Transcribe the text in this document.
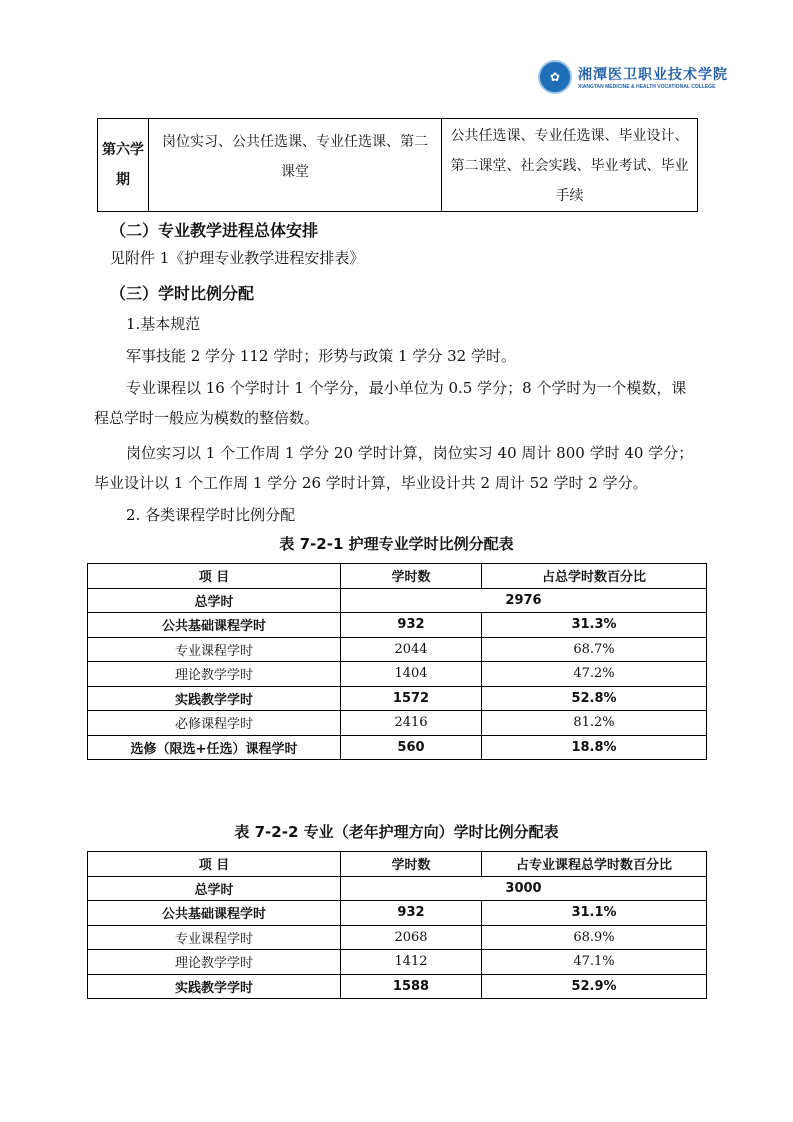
✿	湘潭医卫职业技术学院
XIANGTAN MEDICINE & HEALTH VOCATIONAL COLLEGE
第六学期	岗位实习、公共任选课、专业任选课、第二课堂	公共任选课、专业任选课、毕业设计、第二课堂、社会实践、毕业考试、毕业手续
（二）专业教学进程总体安排
见附件 1《护理专业教学进程安排表》
（三）学时比例分配
1.基本规范
军事技能 2 学分 112 学时；形势与政策 1 学分 32 学时。
专业课程以 16 个学时计 1 个学分，最小单位为 0.5 学分；8 个学时为一个模数，课
程总学时一般应为模数的整倍数。
岗位实习以 1 个工作周 1 学分 20 学时计算，岗位实习 40 周计 800 学时 40 学分；
毕业设计以 1 个工作周 1 学分 26 学时计算，毕业设计共 2 周计 52 学时 2 学分。
2. 各类课程学时比例分配
表 7-2-1 护理专业学时比例分配表
项 目	学时数	占总学时数百分比
总学时	2976	
公共基础课程学时	932	31.3%
专业课程学时	2044	68.7%
理论教学学时	1404	47.2%
实践教学学时	1572	52.8%
必修课程学时	2416	81.2%
选修（限选+任选）课程学时	560	18.8%
表 7-2-2 专业（老年护理方向）学时比例分配表
项 目	学时数	占专业课程总学时数百分比
总学时	3000	
公共基础课程学时	932	31.1%
专业课程学时	2068	68.9%
理论教学学时	1412	47.1%
实践教学学时	1588	52.9%
